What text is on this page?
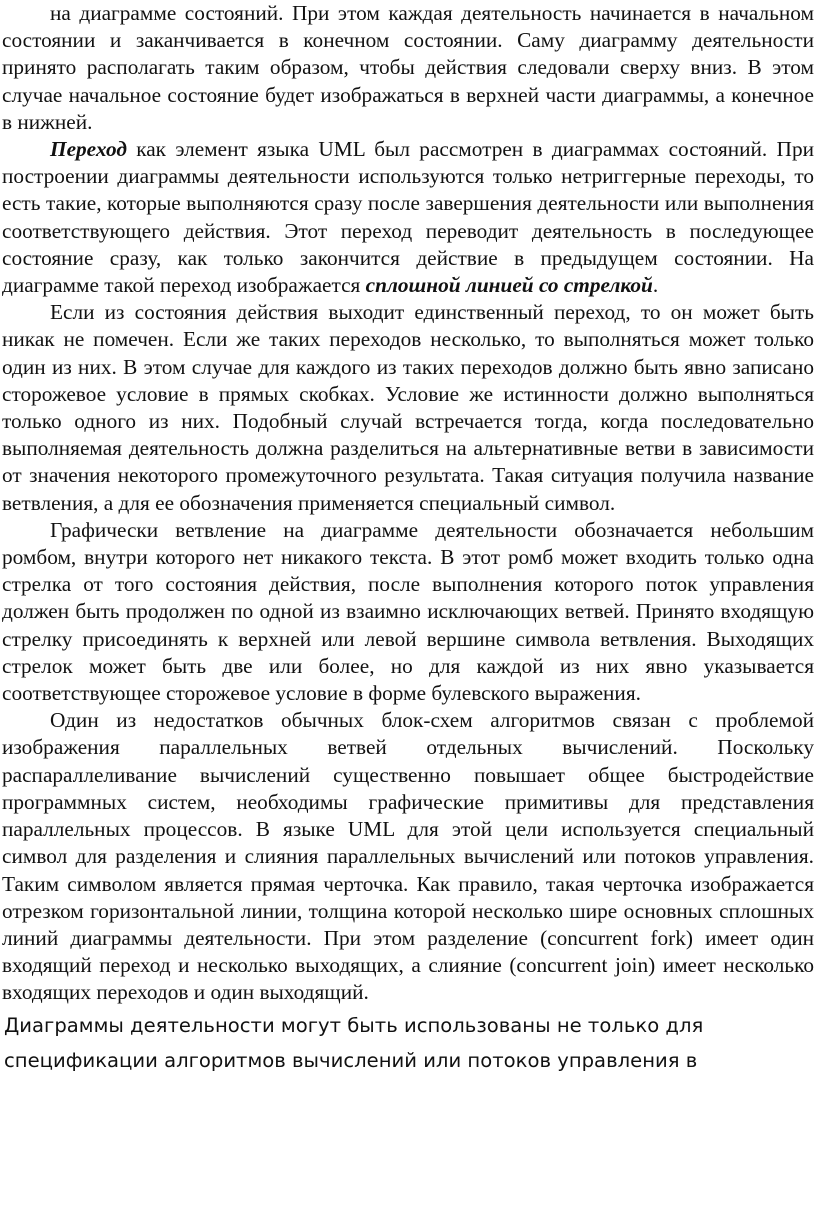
на диаграмме состояний. При этом каждая деятельность начинается в начальном состоянии и заканчивается в конечном состоянии. Саму диаграмму деятельности принято располагать таким образом, чтобы действия следовали сверху вниз. В этом случае начальное состояние будет изображаться в верхней части диаграммы, а конечное в нижней.

Переход как элемент языка UML был рассмотрен в диаграммах состояний. При построении диаграммы деятельности используются только нетриггерные переходы, то есть такие, которые выполняются сразу после завершения деятельности или выполнения соответствующего действия. Этот переход переводит деятельность в последующее состояние сразу, как только закончится действие в предыдущем состоянии. На диаграмме такой переход изображается сплошной линией со стрелкой.

Если из состояния действия выходит единственный переход, то он может быть никак не помечен. Если же таких переходов несколько, то выполняться может только один из них. В этом случае для каждого из таких переходов должно быть явно записано сторожевое условие в прямых скобках. Условие же истинности должно выполняться только одного из них. Подобный случай встречается тогда, когда последовательно выполняемая деятельность должна разделиться на альтернативные ветви в зависимости от значения некоторого промежуточного результата. Такая ситуация получила название ветвления, а для ее обозначения применяется специальный символ.

Графически ветвление на диаграмме деятельности обозначается небольшим ромбом, внутри которого нет никакого текста. В этот ромб может входить только одна стрелка от того состояния действия, после выполнения которого поток управления должен быть продолжен по одной из взаимно исключающих ветвей. Принято входящую стрелку присоединять к верхней или левой вершине символа ветвления. Выходящих стрелок может быть две или более, но для каждой из них явно указывается соответствующее сторожевое условие в форме булевского выражения.

Один из недостатков обычных блок-схем алгоритмов связан с проблемой изображения параллельных ветвей отдельных вычислений. Поскольку распараллеливание вычислений существенно повышает общее быстродействие программных систем, необходимы графические примитивы для представления параллельных процессов. В языке UML для этой цели используется специальный символ для разделения и слияния параллельных вычислений или потоков управления. Таким символом является прямая черточка. Как правило, такая черточка изображается отрезком горизонтальной линии, толщина которой несколько шире основных сплошных линий диаграммы деятельности. При этом разделение (concurrent fork) имеет один входящий переход и несколько выходящих, а слияние (concurrent join) имеет несколько входящих переходов и один выходящий.

Диаграммы деятельности могут быть использованы не только для

спецификации алгоритмов вычислений или потоков управления в
